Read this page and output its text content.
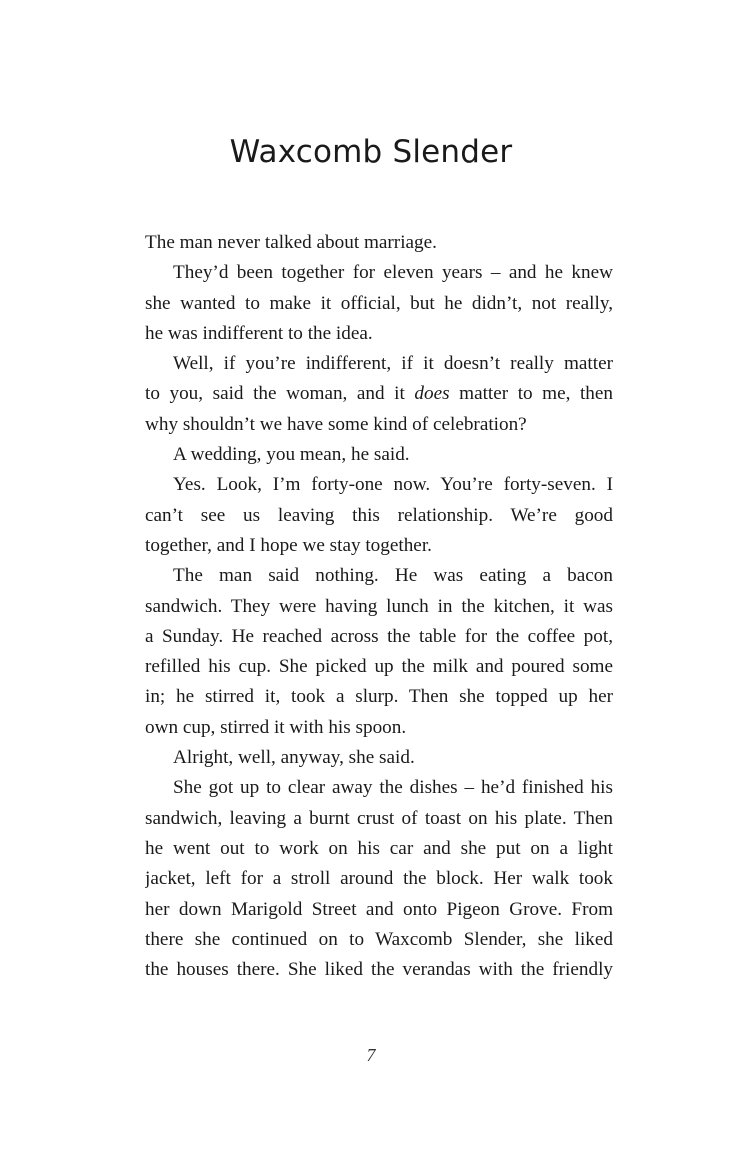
Waxcomb Slender
The man never talked about marriage.
They’d been together for eleven years – and he knew
she wanted to make it official, but he didn’t, not really,
he was indifferent to the idea.
Well, if you’re indifferent, if it doesn’t really matter
to you, said the woman, and it does matter to me, then
why shouldn’t we have some kind of celebration?
A wedding, you mean, he said.
Yes. Look, I’m forty-one now. You’re forty-seven. I
can’t see us leaving this relationship. We’re good
together, and I hope we stay together.
The man said nothing. He was eating a bacon
sandwich. They were having lunch in the kitchen, it was
a Sunday. He reached across the table for the coffee pot,
refilled his cup. She picked up the milk and poured some
in; he stirred it, took a slurp. Then she topped up her
own cup, stirred it with his spoon.
Alright, well, anyway, she said.
She got up to clear away the dishes – he’d finished his
sandwich, leaving a burnt crust of toast on his plate. Then
he went out to work on his car and she put on a light
jacket, left for a stroll around the block. Her walk took
her down Marigold Street and onto Pigeon Grove. From
there she continued on to Waxcomb Slender, she liked
the houses there. She liked the verandas with the friendly
7
